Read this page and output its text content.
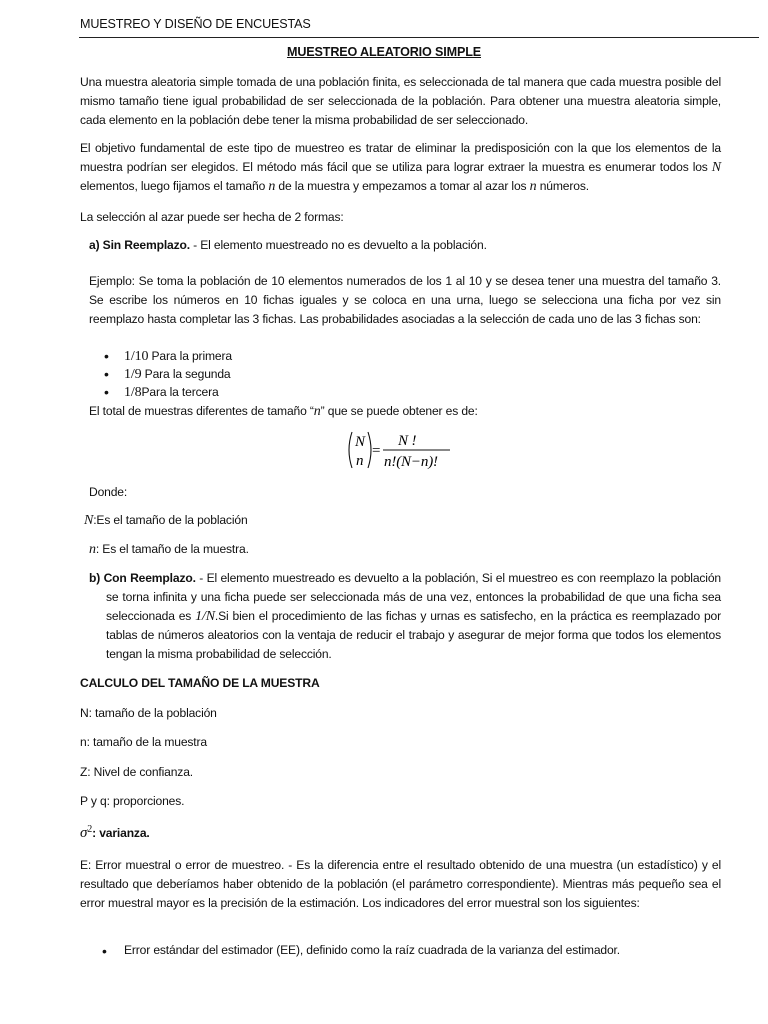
MUESTREO Y DISEÑO DE ENCUESTAS
MUESTREO ALEATORIO SIMPLE

Una muestra aleatoria simple tomada de una población finita, es seleccionada de tal manera que cada muestra posible del mismo tamaño tiene igual probabilidad de ser seleccionada de la población. Para obtener una muestra aleatoria simple, cada elemento en la población debe tener la misma probabilidad de ser seleccionado.

El objetivo fundamental de este tipo de muestreo es tratar de eliminar la predisposición con la que los elementos de la muestra podrían ser elegidos. El método más fácil que se utiliza para lograr extraer la muestra es enumerar todos los N elementos, luego fijamos el tamaño n de la muestra y empezamos a tomar al azar los n números.

La selección al azar puede ser hecha de 2 formas:

a) Sin Reemplazo. - El elemento muestreado no es devuelto a la población.

Ejemplo: Se toma la población de 10 elementos numerados de los 1 al 10 y se desea tener una muestra del tamaño 3. Se escribe los números en 10 fichas iguales y se coloca en una urna, luego se selecciona una ficha por vez sin reemplazo hasta completar las 3 fichas. Las probabilidades asociadas a la selección de cada uno de las 3 fichas son:

• 1/10 Para la primera
• 1/9 Para la segunda
• 1/8Para la tercera

El total de muestras diferentes de tamaño “n” que se puede obtener es de:

N
n
=
N !
n!(N−n)!

Donde:

N:Es el tamaño de la población

n: Es el tamaño de la muestra.

b) Con Reemplazo. - El elemento muestreado es devuelto a la población, Si el muestreo es con reemplazo la población se torna infinita y una ficha puede ser seleccionada más de una vez, entonces la probabilidad de que una ficha sea seleccionada es 1/N.Si bien el procedimiento de las fichas y urnas es satisfecho, en la práctica es reemplazado por tablas de números aleatorios con la ventaja de reducir el trabajo y asegurar de mejor forma que todos los elementos tengan la misma probabilidad de selección.

CALCULO DEL TAMAÑO DE LA MUESTRA

N: tamaño de la población

n: tamaño de la muestra

Z: Nivel de confianza.

P y q: proporciones.

$\sigma^2$: varianza.

E: Error muestral o error de muestreo. - Es la diferencia entre el resultado obtenido de una muestra (un estadístico) y el resultado que deberíamos haber obtenido de la población (el parámetro correspondiente). Mientras más pequeño sea el error muestral mayor es la precisión de la estimación. Los indicadores del error muestral son los siguientes:

• Error estándar del estimador (EE), definido como la raíz cuadrada de la varianza del estimador.
